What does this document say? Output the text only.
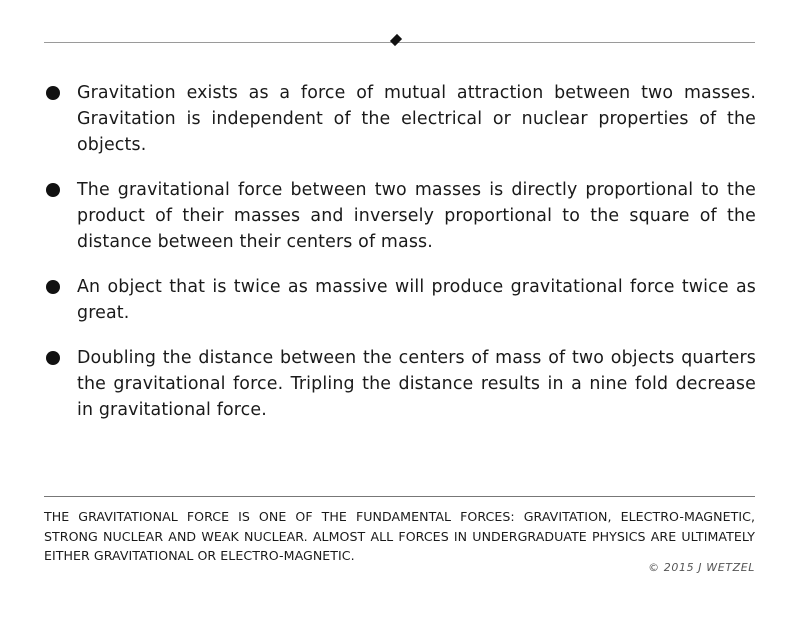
Gravitation exists as a force of mutual attraction between two masses. Gravitation is independent of the electrical or nuclear properties of the objects.
The gravitational force between two masses is directly proportional to the product of their masses and inversely proportional to the square of the distance between their centers of mass.
An object that is twice as massive will produce gravitational force twice as great.
Doubling the distance between the centers of mass of two objects quarters the gravitational force. Tripling the distance results in a nine fold decrease in gravitational force.
THE GRAVITATIONAL FORCE IS ONE OF THE FUNDAMENTAL FORCES: GRAVITATION, ELECTRO-MAGNETIC, STRONG NUCLEAR AND WEAK NUCLEAR. ALMOST ALL FORCES IN UNDERGRADUATE PHYSICS ARE ULTIMATELY EITHER GRAVITATIONAL OR ELECTRO-MAGNETIC.
© 2015 J WETZEL
